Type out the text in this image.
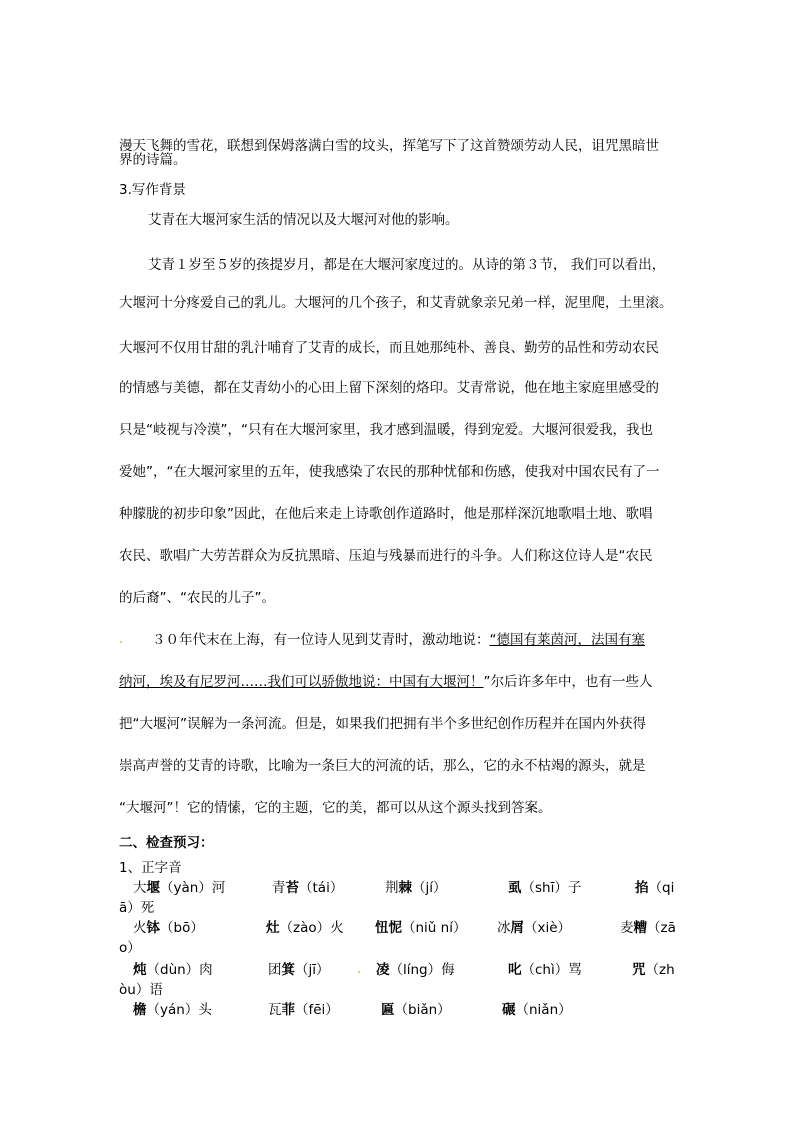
漫天飞舞的雪花，联想到保姆落满白雪的坟头，挥笔写下了这首赞颂劳动人民，诅咒黑暗世
界的诗篇。
3.写作背景
艾青在大堰河家生活的情况以及大堰河对他的影响。
艾青１岁至５岁的孩提岁月，都是在大堰河家度过的。从诗的第３节， 我们可以看出，
大堰河十分疼爱自己的乳儿。大堰河的几个孩子，和艾青就象亲兄弟一样，泥里爬，土里滚。
大堰河不仅用甘甜的乳汁哺育了艾青的成长，而且她那纯朴、善良、勤劳的品性和劳动农民
的情感与美德，都在艾青幼小的心田上留下深刻的烙印。艾青常说，他在地主家庭里感受的
只是“岐视与冷漠”，“只有在大堰河家里，我才感到温暖，得到宠爱。大堰河很爱我，我也
爱她”，“在大堰河家里的五年，使我感染了农民的那种忧郁和伤感，使我对中国农民有了一
种朦胧的初步印象”因此，在他后来走上诗歌创作道路时，他是那样深沉地歌唱土地、歌唱
农民、歌唱广大劳苦群众为反抗黑暗、压迫与残暴而进行的斗争。人们称这位诗人是“农民
的后裔”、“农民的儿子”。
. ３０年代末在上海，有一位诗人见到艾青时，激动地说：“德国有莱茵河，法国有塞
纳河，埃及有尼罗河……我们可以骄傲地说：中国有大堰河！”尔后许多年中，也有一些人
把“大堰河”误解为一条河流。但是，如果我们把拥有半个多世纪创作历程并在国内外获得
崇高声誉的艾青的诗歌，比喻为一条巨大的河流的话，那么，它的永不枯竭的源头，就是
“大堰河”！它的情愫，它的主题，它的美，都可以从这个源头找到答案。
二、检查预习：
1、正字音
大堰（yàn）河	青苔（tái）	荆棘（jí）	虱（shī）子	掐（qi
ā）死
火钵（bō）	灶（zào）火 忸怩（niǔ ní） 冰屑（xiè）	麦糟（zā
o）
炖（dùn）肉	团箕（jī） . 凌（líng）侮	叱（chì）骂	咒（zh
òu）语
檐（yán）头	瓦菲（fēi）	匾（biǎn）	碾（niǎn）
